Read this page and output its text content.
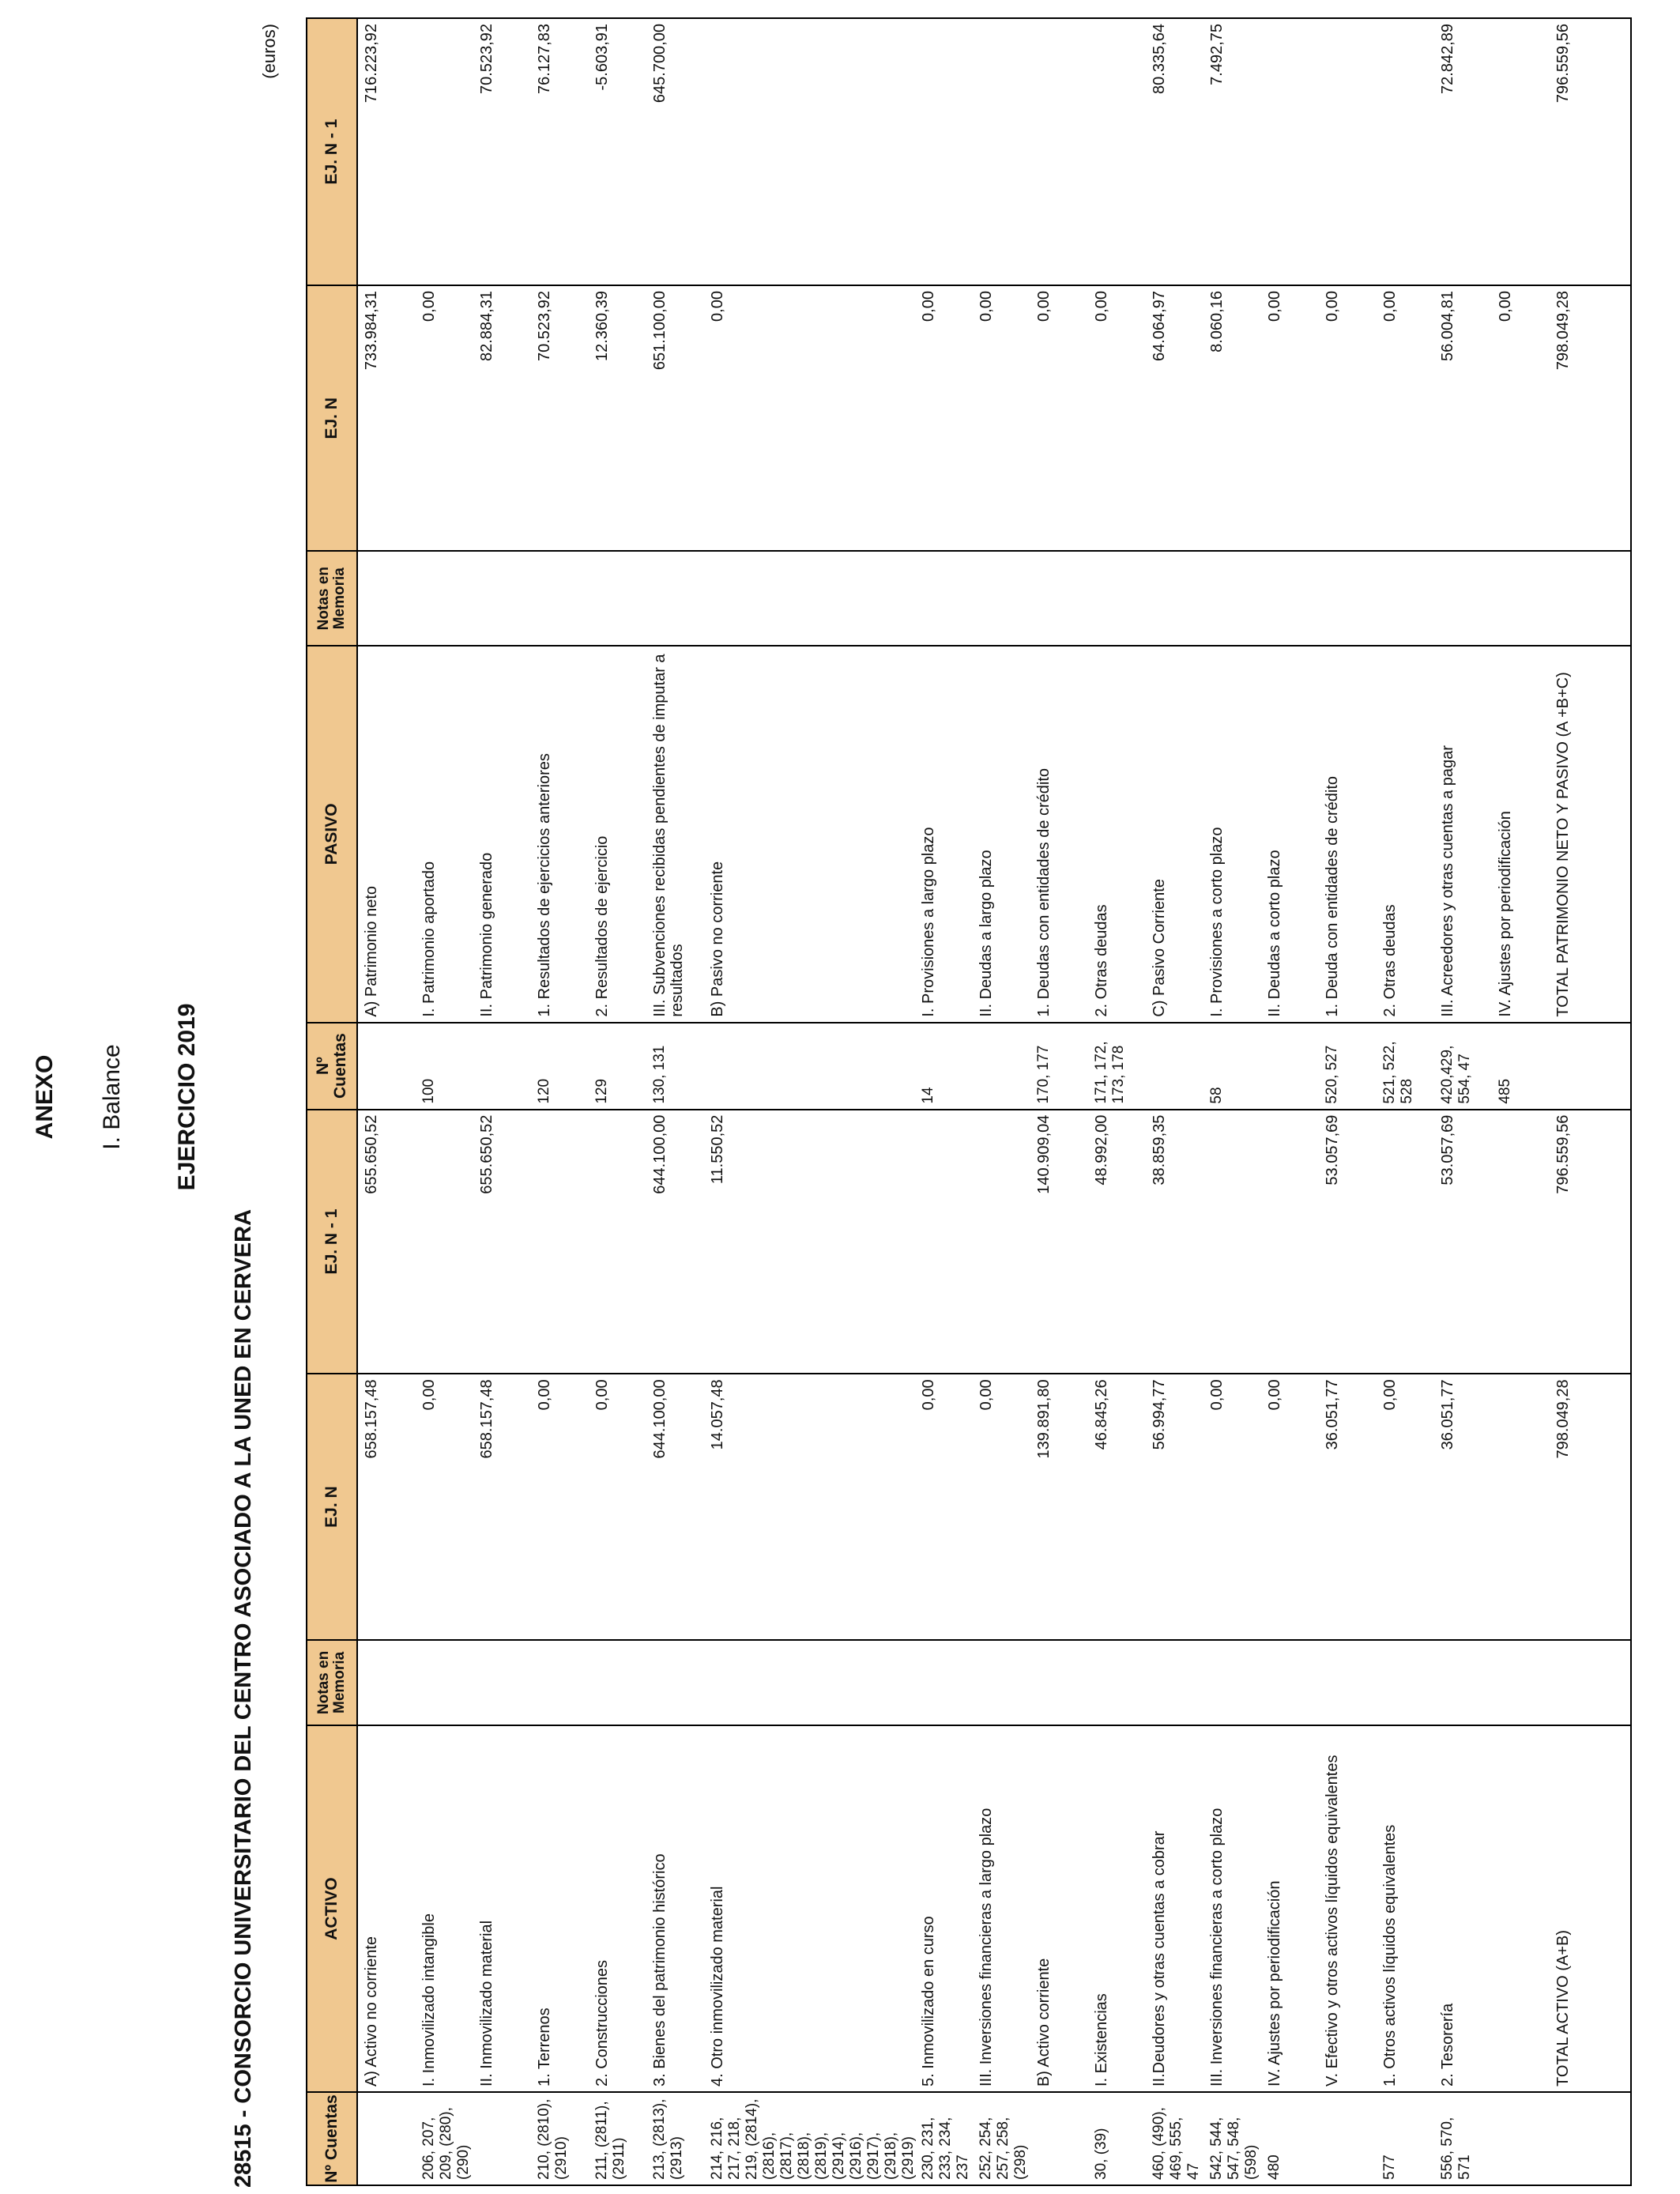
ANEXO I. Balance EJERCICIO 2019
28515 - CONSORCIO UNIVERSITARIO DEL CENTRO ASOCIADO A LA UNED EN CERVERA
(euros)
Nº Cuentas	ACTIVO	Notas en Memoria	EJ. N	EJ. N - 1	Nº Cuentas	PASIVO	Notas en Memoria	EJ. N	EJ. N - 1
	A) Activo no corriente		658.157,48	655.650,52		A) Patrimonio neto		733.984,31	716.223,92
206, 207, 209, (280), (290)	I. Inmovilizado intangible		0,00		100	I. Patrimonio aportado		0,00	
	II. Inmovilizado material		658.157,48	655.650,52		II. Patrimonio generado		82.884,31	70.523,92
210, (2810), (2910)	1. Terrenos		0,00		120	1. Resultados de ejercicios anteriores		70.523,92	76.127,83
211, (2811), (2911)	2. Construcciones		0,00		129	2. Resultados de ejercicio		12.360,39	-5.603,91
213, (2813), (2913)	3. Bienes del patrimonio histórico		644.100,00	644.100,00	130, 131	III. Subvenciones recibidas pendientes de imputar a resultados		651.100,00	645.700,00
214, 216, 217, 218, 219, (2814), (2816), (2817), (2818), (2819), (2914), (2916), (2917), (2918), (2919)	4. Otro inmovilizado material		14.057,48	11.550,52		B) Pasivo no corriente		0,00	
230, 231, 233, 234, 237	5. Inmovilizado en curso		0,00		14	I. Provisiones a largo plazo		0,00	
252, 254, 257, 258, (298)	III. Inversiones financieras a largo plazo		0,00			II. Deudas a largo plazo		0,00	
	B) Activo corriente		139.891,80	140.909,04	170, 177	1. Deudas con entidades de crédito		0,00	
30, (39)	I. Existencias		46.845,26	48.992,00	171, 172, 173, 178	2. Otras deudas		0,00	
460, (490), 469, 555, 47	II.Deudores y otras cuentas a cobrar		56.994,77	38.859,35		C) Pasivo Corriente		64.064,97	80.335,64
542, 544, 547, 548, (598)	III. Inversiones financieras a corto plazo		0,00		58	I. Provisiones a corto plazo		8.060,16	7.492,75
480	IV. Ajustes por periodificación		0,00			II. Deudas a corto plazo		0,00	
	V. Efectivo y otros activos líquidos equivalentes		36.051,77	53.057,69	520, 527	1. Deuda con entidades de crédito		0,00	
577	1. Otros activos líquidos equivalentes		0,00		521, 522, 528	2. Otras deudas		0,00	
556, 570, 571	2. Tesorería		36.051,77	53.057,69	420,429, 554, 47	III. Acreedores y otras cuentas a pagar		56.004,81	72.842,89
					485	IV. Ajustes por periodificación		0,00	
	TOTAL ACTIVO (A+B)		798.049,28	796.559,56		TOTAL PATRIMONIO NETO Y PASIVO (A +B+C)		798.049,28	796.559,56
